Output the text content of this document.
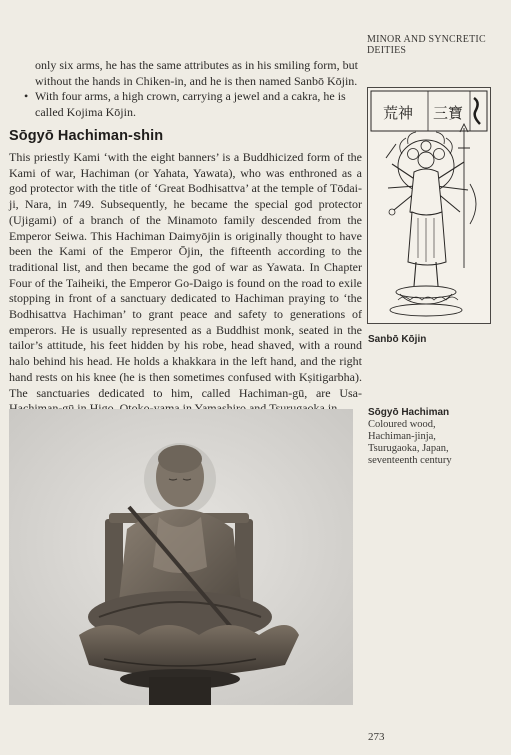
MINOR AND SYNCRETIC DEITIES

only six arms, he has the same attributes as in his smiling form, but without the hands in Chiken-in, and he is then named Sanbō Kōjin.

• With four arms, a high crown, carrying a jewel and a cakra, he is called Kojima Kōjin.
Sōgyō Hachiman-shin

This priestly Kami ‘with the eight banners’ is a Buddhicized form of the Kami of war, Hachiman (or Yahata, Yawata), who was enthroned as a god protector with the title of ‘Great Bodhisattva’ at the temple of Tōdai-ji, Nara, in 749. Subsequently, he became the special god protector (Ujigami) of a branch of the Minamoto family descended from the Emperor Seiwa. This Hachiman Daimyōjin is originally thought to have been the Kami of the Emperor Ōjin, the fifteenth according to the traditional list, and then became the god of war as Yawata. In Chapter Four of the Taiheiki, the Emperor Go-Daigo is found on the road to exile stopping in front of a sanctuary dedicated to Hachiman praying to ‘the Bodhisattva Hachiman’ to grant peace and safety to generations of emperors. He is usually represented as a Buddhist monk, seated in the tailor’s attitude, his feet hidden by his robe, head shaved, with a round halo behind his head. He holds a khakkara in the left hand, and the right hand rests on his knee (he is then sometimes confused with Kṣitigarbha). The sanctuaries dedicated to him, called Hachiman-gū, are Usa-

荒神 三寶
Sanbō Kōjin
Sōgyō Hachiman
Coloured wood,
Hachiman-jinja,
Tsurugaoka, Japan,
seventeenth century
273
